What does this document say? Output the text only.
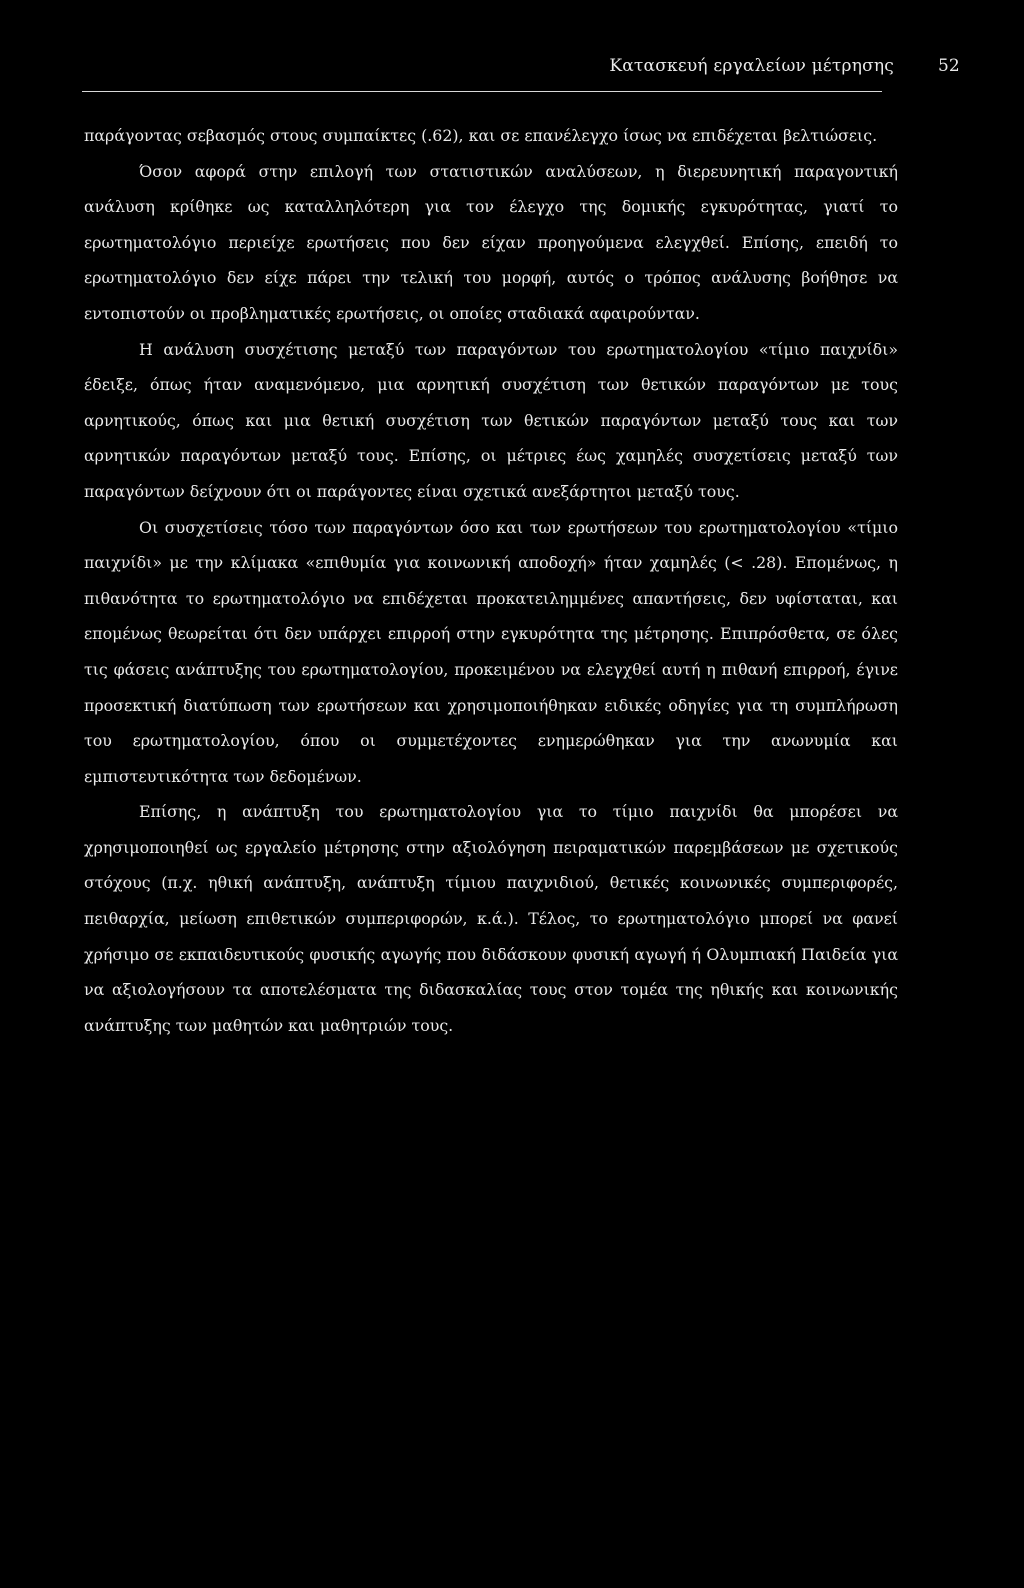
Κατασκευή εργαλείων μέτρησης	52

παράγοντας σεβασμός στους συμπαίκτες (.62), και σε επανέλεγχο ίσως να επιδέχεται βελτιώσεις.

Όσον αφορά στην επιλογή των στατιστικών αναλύσεων, η διερευνητική παραγοντική ανάλυση κρίθηκε ως καταλληλότερη για τον έλεγχο της δομικής εγκυρότητας, γιατί το ερωτηματολόγιο περιείχε ερωτήσεις που δεν είχαν προηγούμενα ελεγχθεί. Επίσης, επειδή το ερωτηματολόγιο δεν είχε πάρει την τελική του μορφή, αυτός ο τρόπος ανάλυσης βοήθησε να εντοπιστούν οι προβληματικές ερωτήσεις, οι οποίες σταδιακά αφαιρούνταν.

Η ανάλυση συσχέτισης μεταξύ των παραγόντων του ερωτηματολογίου «τίμιο παιχνίδι» έδειξε, όπως ήταν αναμενόμενο, μια αρνητική συσχέτιση των θετικών παραγόντων με τους αρνητικούς, όπως και μια θετική συσχέτιση των θετικών παραγόντων μεταξύ τους και των αρνητικών παραγόντων μεταξύ τους. Επίσης, οι μέτριες έως χαμηλές συσχετίσεις μεταξύ των παραγόντων δείχνουν ότι οι παράγοντες είναι σχετικά ανεξάρτητοι μεταξύ τους.

Οι συσχετίσεις τόσο των παραγόντων όσο και των ερωτήσεων του ερωτηματολογίου «τίμιο παιχνίδι» με την κλίμακα «επιθυμία για κοινωνική αποδοχή» ήταν χαμηλές (< .28). Επομένως, η πιθανότητα το ερωτηματολόγιο να επιδέχεται προκατειλημμένες απαντήσεις, δεν υφίσταται, και επομένως θεωρείται ότι δεν υπάρχει επιρροή στην εγκυρότητα της μέτρησης. Επιπρόσθετα, σε όλες τις φάσεις ανάπτυξης του ερωτηματολογίου, προκειμένου να ελεγχθεί αυτή η πιθανή επιρροή, έγινε προσεκτική διατύπωση των ερωτήσεων και χρησιμοποιήθηκαν ειδικές οδηγίες για τη συμπλήρωση του ερωτηματολογίου, όπου οι συμμετέχοντες ενημερώθηκαν για την ανωνυμία και εμπιστευτικότητα των δεδομένων.

Επίσης, η ανάπτυξη του ερωτηματολογίου για το τίμιο παιχνίδι θα μπορέσει να χρησιμοποιηθεί ως εργαλείο μέτρησης στην αξιολόγηση πειραματικών παρεμβάσεων με σχετικούς στόχους (π.χ. ηθική ανάπτυξη, ανάπτυξη τίμιου παιχνιδιού, θετικές κοινωνικές συμπεριφορές, πειθαρχία, μείωση επιθετικών συμπεριφορών, κ.ά.). Τέλος, το ερωτηματολόγιο μπορεί να φανεί χρήσιμο σε εκπαιδευτικούς φυσικής αγωγής που διδάσκουν φυσική αγωγή ή Ολυμπιακή Παιδεία για να αξιολογήσουν τα αποτελέσματα της διδασκαλίας τους στον τομέα της ηθικής και κοινωνικής ανάπτυξης των μαθητών και μαθητριών τους.
